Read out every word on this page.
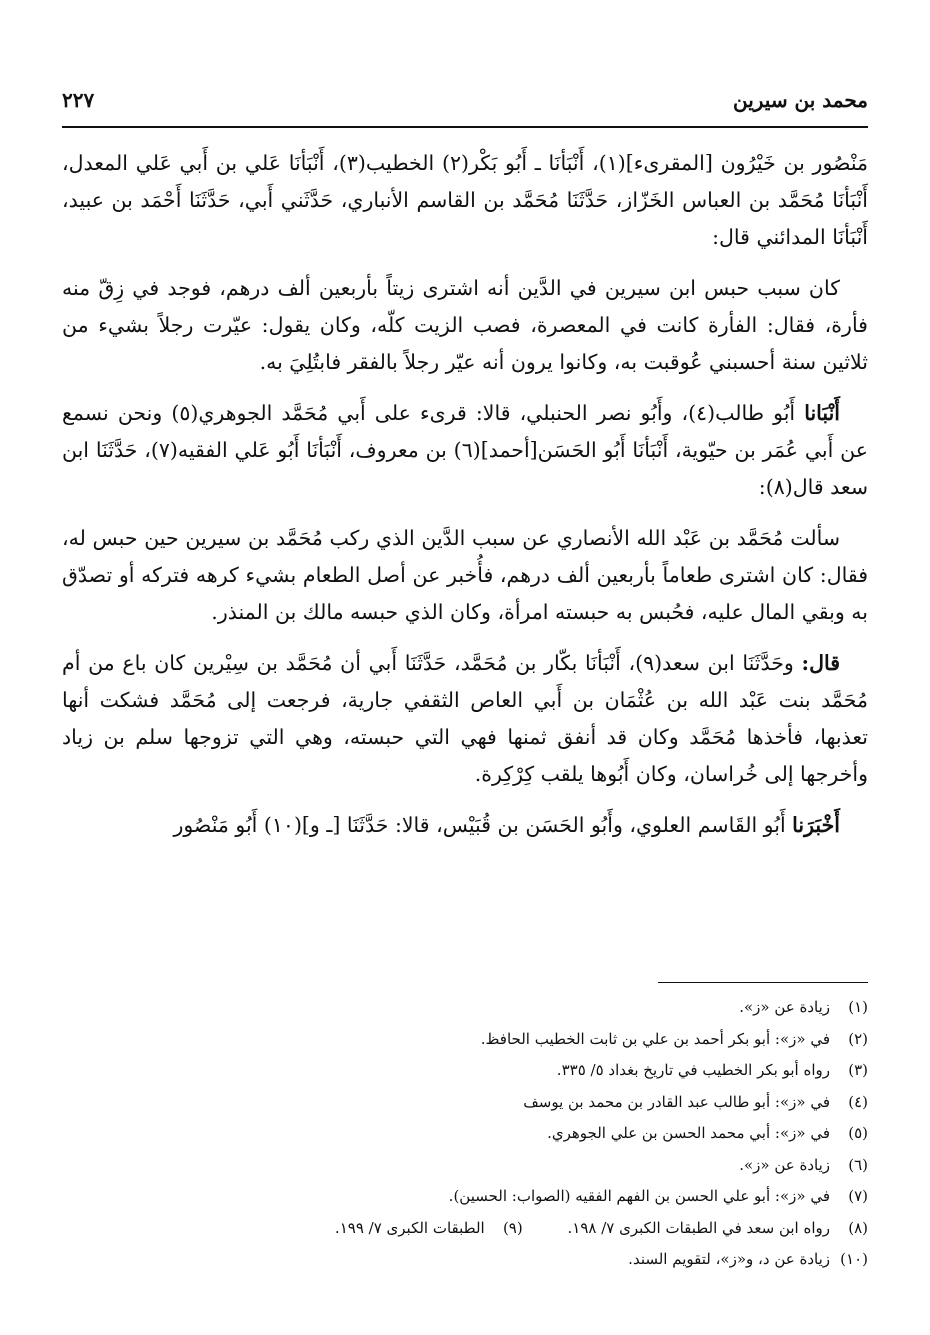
محمد بن سيرين
٢٢٧

مَنْصُور بن خَيْرُون [المقرىء](١)، أَنْبَأنَا ـ أَبُو بَكْر(٢) الخطيب(٣)، أَنْبَأنَا عَلي بن أَبي عَلي المعدل، أَنْبَأنَا مُحَمَّد بن العباس الخَزّاز، حَدَّثَنَا مُحَمَّد بن القاسم الأنباري، حَدَّثَني أَبي، حَدَّثَنَا أَحْمَد بن عبيد، أَنْبَأنَا المدائني قال:

كان سبب حبس ابن سيرين في الدَّين أنه اشترى زيتاً بأربعين ألف درهم، فوجد في زِقّ منه فأرة، فقال: الفأرة كانت في المعصرة، فصب الزيت كلّه، وكان يقول: عيّرت رجلاً بشيء من ثلاثين سنة أحسبني عُوقبت به، وكانوا يرون أنه عيّر رجلاً بالفقر فابتُلِيَ به.

أَنْبَانا أَبُو طالب(٤)، وأَبُو نصر الحنبلي، قالا: قرىء على أَبي مُحَمَّد الجوهري(٥) ونحن نسمع عن أَبي عُمَر بن حيّوية، أَنْبَأنَا أَبُو الحَسَن[أحمد](٦) بن معروف، أَنْبَأنَا أَبُو عَلي الفقيه(٧)، حَدَّثَنَا ابن سعد قال(٨):

سألت مُحَمَّد بن عَبْد الله الأنصاري عن سبب الدَّين الذي ركب مُحَمَّد بن سيرين حين حبس له، فقال: كان اشترى طعاماً بأربعين ألف درهم، فأُخبر عن أصل الطعام بشيء كرهه فتركه أو تصدّق به وبقي المال عليه، فحُبس به حبسته امرأة، وكان الذي حبسه مالك بن المنذر.

قال: وحَدَّثَنَا ابن سعد(٩)، أَنْبَأنَا بكّار بن مُحَمَّد، حَدَّثَنَا أَبي أن مُحَمَّد بن سِيْرين كان باع من أم مُحَمَّد بنت عَبْد الله بن عُثْمَان بن أَبي العاص الثقفي جارية، فرجعت إلى مُحَمَّد فشكت أنها تعذبها، فأخذها مُحَمَّد وكان قد أنفق ثمنها فهي التي حبسته، وهي التي تزوجها سلم بن زياد وأخرجها إلى خُراسان، وكان أَبُوها يلقب كِرْكِرة.

أَخْبَرَنا أَبُو القَاسم العلوي، وأَبُو الحَسَن بن قُبَيْس، قالا: حَدَّثَنَا [ـ و](١٠) أَبُو مَنْصُور

(١)زيادة عن «ز».
(٢)في «ز»: أبو بكر أحمد بن علي بن ثابت الخطيب الحافظ.
(٣)رواه أبو بكر الخطيب في تاريخ بغداد ٥/ ٣٣٥.
(٤)في «ز»: أبو طالب عبد القادر بن محمد بن يوسف
(٥)في «ز»: أبي محمد الحسن بن علي الجوهري.
(٦)زيادة عن «ز».
(٧)في «ز»: أبو علي الحسن بن الفهم الفقيه (الصواب: الحسين).
(٨)رواه ابن سعد في الطبقات الكبرى ٧/ ١٩٨. (٩)الطبقات الكبرى ٧/ ١٩٩.
(١٠)زيادة عن د، و«ز»، لتقويم السند.
